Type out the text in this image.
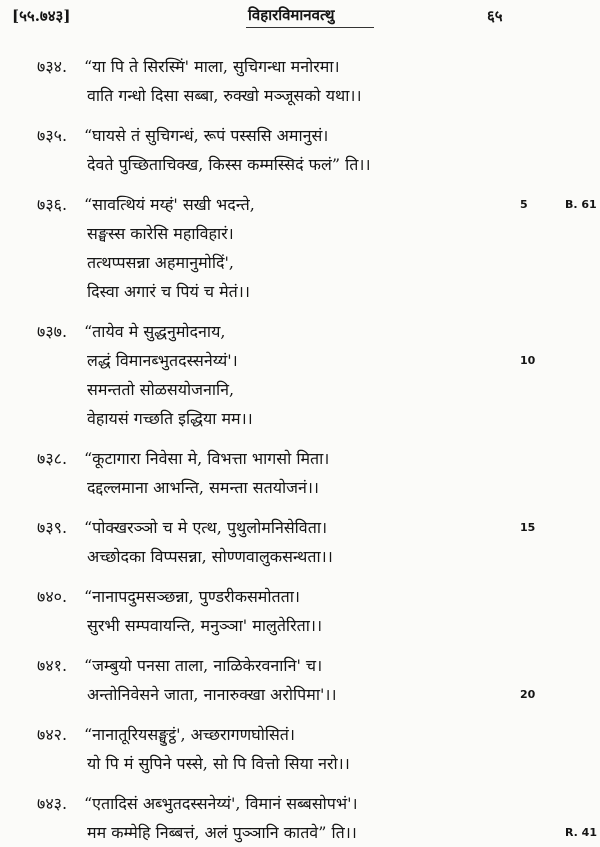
[५५.७४३]	विहारविमानवत्थु	६५
७३४. “या पि ते सिरस्मिं' माला, सुचिगन्धा मनोरमा।
वाति गन्धो दिसा सब्बा, रुक्खो मञ्जूसको यथा।।
७३५. “घायसे तं सुचिगन्धं, रूपं पस्ससि अमानुसं।
देवते पुच्छिताचिक्ख, किस्स कम्मस्सिदं फलं” ति।।
७३६. “सावत्थियं मय्हं' सखी भदन्ते,	5	B. 61
सङ्घस्स कारेसि महाविहारं।
तत्थप्पसन्ना अहमानुमोदिं',
दिस्वा अगारं च पियं च मेतं।।
७३७. “तायेव मे सुद्धनुमोदनाय,
लद्धं विमानब्भुतदस्सनेय्यं'।	10
समन्ततो सोळसयोजनानि,
वेहायसं गच्छति इद्धिया मम।।
७३८. “कूटागारा निवेसा मे, विभत्ता भागसो मिता।
दद्दल्लमाना आभन्ति, समन्ता सतयोजनं।।
७३९. “पोक्खरञ्ञो च मे एत्थ, पुथुलोमनिसेविता।	15
अच्छोदका विप्पसन्ना, सोण्णवालुकसन्थता।।
७४०. “नानापदुमसञ्छन्ना, पुण्डरीकसमोतता।
सुरभी सम्पवायन्ति, मनुञ्ञा' मालुतेरिता।।
७४१. “जम्बुयो पनसा ताला, नाळिकेरवनानि' च।
अन्तोनिवेसने जाता, नानारुक्खा अरोपिमा'।।	20
७४२. “नानातूरियसङ्घुट्ठं', अच्छरागणघोसितं।
यो पि मं सुपिने पस्से, सो पि वित्तो सिया नरो।।
७४३. “एतादिसं अब्भुतदस्सनेय्यं', विमानं सब्बसोपभं'।
मम कम्मेहि निब्बत्तं, अलं पुञ्ञानि कातवे” ति।।	R. 41
